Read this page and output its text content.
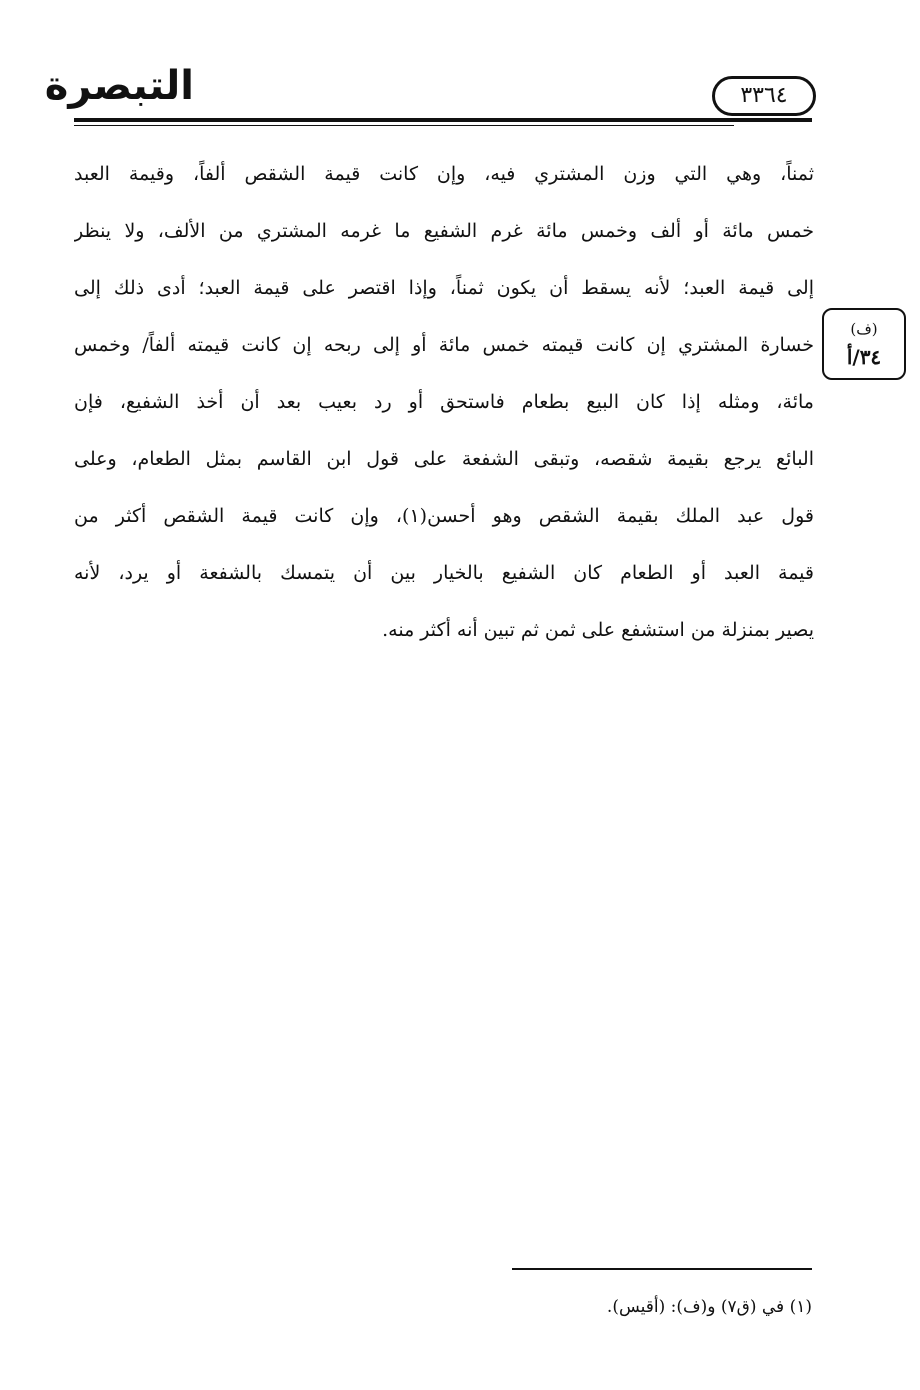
التبصرة	٣٣٦٤
ثمناً، وهي التي وزن المشتري فيه، وإن كانت قيمة الشقص ألفاً، وقيمة العبد
خمس مائة أو ألف وخمس مائة غرم الشفيع ما غرمه المشتري من الألف، ولا ينظر
إلى قيمة العبد؛ لأنه يسقط أن يكون ثمناً، وإذا اقتصر على قيمة العبد؛ أدى ذلك إلى
خسارة المشتري إن كانت قيمته خمس مائة أو إلى ربحه إن كانت قيمته ألفاً/ وخمس
مائة، ومثله إذا كان البيع بطعام فاستحق أو رد بعيب بعد أن أخذ الشفيع، فإن
البائع يرجع بقيمة شقصه، وتبقى الشفعة على قول ابن القاسم بمثل الطعام، وعلى
قول عبد الملك بقيمة الشقص وهو أحسن(١)، وإن كانت قيمة الشقص أكثر من
قيمة العبد أو الطعام كان الشفيع بالخيار بين أن يتمسك بالشفعة أو يرد، لأنه
يصير بمنزلة من استشفع على ثمن ثم تبين أنه أكثر منه.
(ف)
٣٤/أ
(١) في (ق٧) و(ف): (أقيس).
